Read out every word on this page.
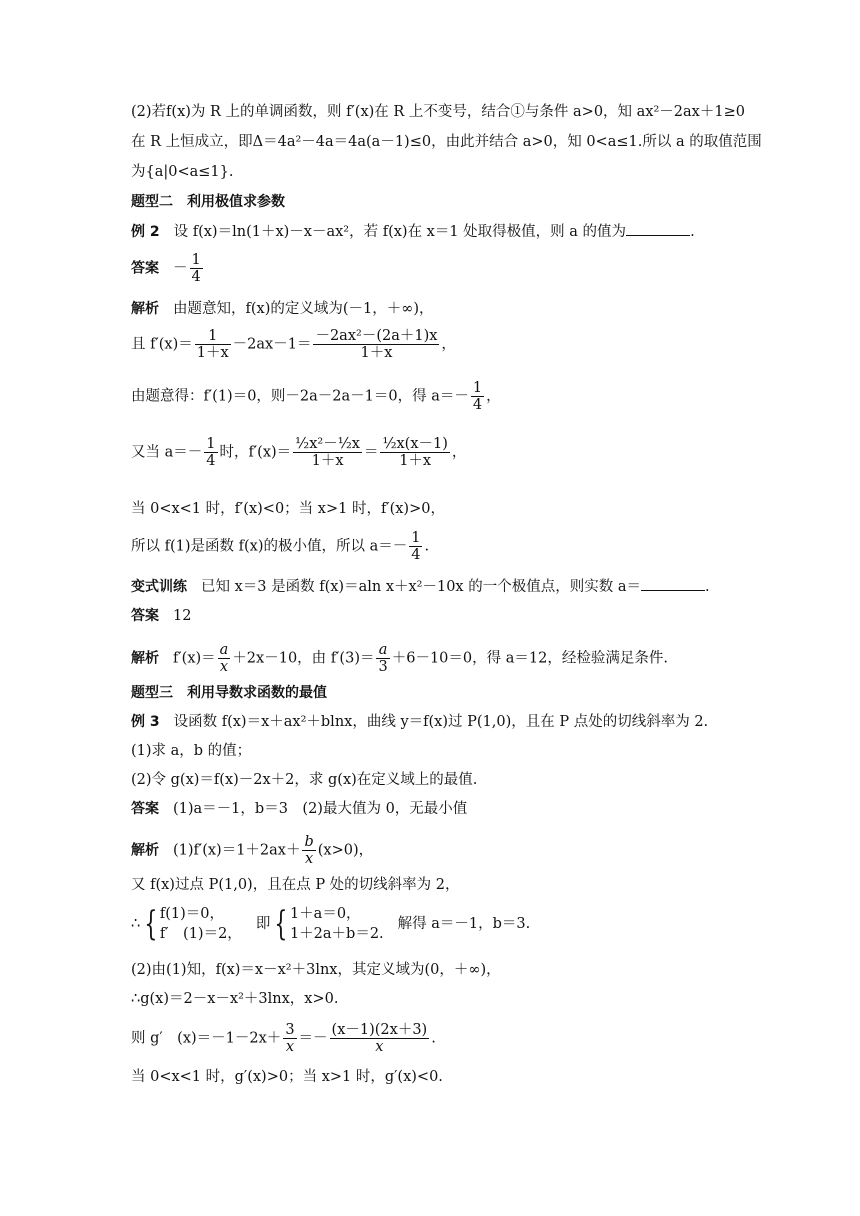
(2)若f(x)为 R 上的单调函数，则 f′(x)在 R 上不变号，结合①与条件 a>0，知 ax²－2ax＋1≥0
在 R 上恒成立，即Δ＝4a²－4a＝4a(a－1)≤0，由此并结合 a>0，知 0<a≤1.所以 a 的取值范围
为{a|0<a≤1}.
题型二　利用极值求参数
例 2 设 f(x)＝ln(1＋x)－x－ax²，若 f(x)在 x＝1 处取得极值，则 a 的值为	.
答案 － $\frac{1}{4}$
解析 由题意知，f(x)的定义域为(－1，＋∞)，
且 $f'(x)= \frac{1}{1+x} -2ax-1= \frac{\text{－2ax²－(2a＋1)x}}{1+x}$ ，
由题意得：f′(1)＝0，则－2a－2a－1＝0，得 $a=- \frac{1}{4}$ ，
又当 $a=- \frac{1}{4}$ 时，$f'(x)= \frac{\text{½x²－½x}}{1+x} = \frac{\text{½x(x－1)}}{1+x}$ ，
当 0<x<1 时，f′(x)<0；当 x>1 时，f′(x)>0，
所以 f(1)是函数 f(x)的极小值，所以 $a=- \frac{1}{4}$ .
变式训练 已知 x＝3 是函数 f(x)＝aln x＋x²－10x 的一个极值点，则实数 a＝	.
答案 12
解析 $f'(x)= \frac{a}{x} +2x-10$，由 $f'(3)= \frac{a}{3} +6-10=0$，得 a＝12，经检验满足条件.
题型三　利用导数求函数的最值
例 3 设函数 f(x)＝x＋ax²＋blnx，曲线 y＝f(x)过 P(1,0)，且在 P 点处的切线斜率为 2.
(1)求 a，b 的值；
(2)令 g(x)＝f(x)－2x＋2，求 g(x)在定义域上的最值.
答案 (1)a＝－1，b＝3　(2)最大值为 0，无最小值
解析 $(1)f'(x)=1+2ax+ \frac{b}{x} (x>0)$，
又 f(x)过点 P(1,0)，且在点 P 处的切线斜率为 2，
∴ { f(1)＝0，
f′　(1)＝2，
即 { 1＋a＝0，
1＋2a＋b＝2.
解得 a＝－1，b＝3.
(2)由(1)知，f(x)＝x－x²＋3lnx，其定义域为(0，＋∞)，
∴g(x)＝2－x－x²＋3lnx，x>0.
则 g′　$(x)=-1-2x+ \frac{3}{x} =- \frac{(x-1)(2x+3)}{x}$ .
当 0<x<1 时，g′(x)>0；当 x>1 时，g′(x)<0.
